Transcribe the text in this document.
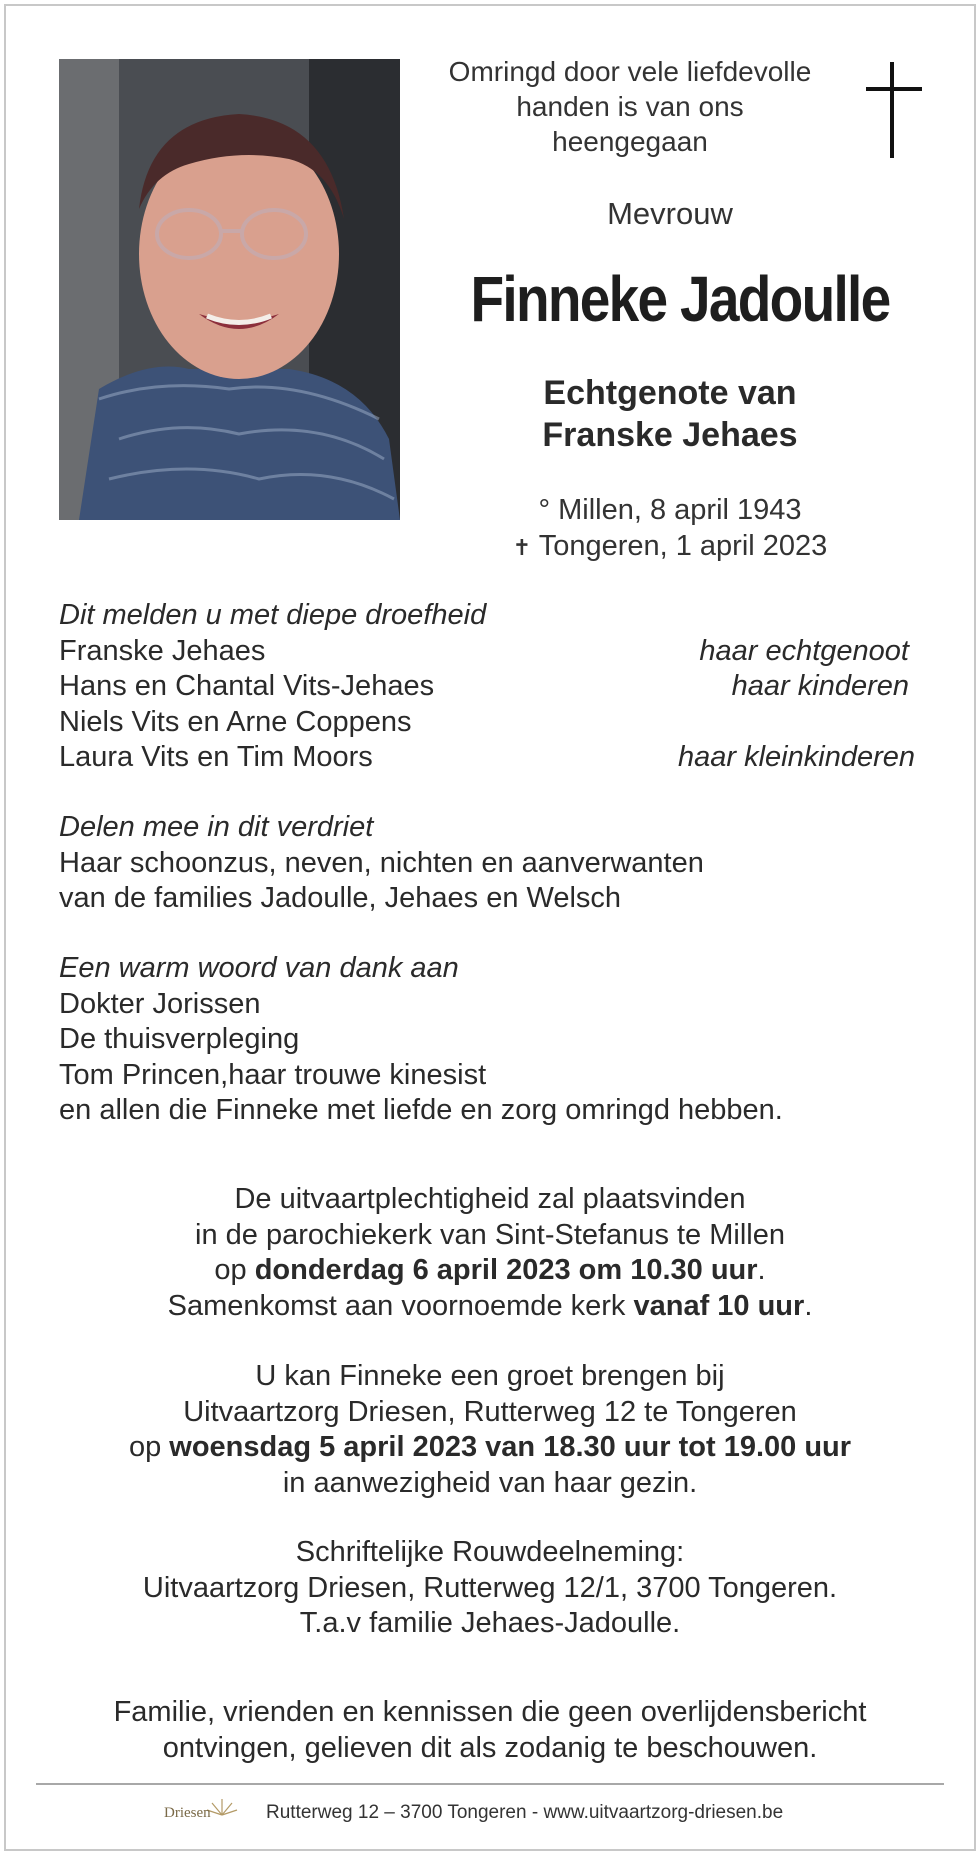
Omringd door vele liefdevolle
handen is van ons
heengegaan
Mevrouw
Finneke Jadoulle
Echtgenote van
Franske Jehaes
° Millen, 8 april 1943
✝ Tongeren, 1 april 2023
Dit melden u met diepe droefheid
Franske Jehaes	haar echtgenoot
Hans en Chantal Vits-Jehaes	haar kinderen
Niels Vits en Arne Coppens
Laura Vits en Tim Moors	haar kleinkinderen
Delen mee in dit verdriet
Haar schoonzus, neven, nichten en aanverwanten
van de families Jadoulle, Jehaes en Welsch
Een warm woord van dank aan
Dokter Jorissen
De thuisverpleging
Tom Princen,haar trouwe kinesist
en allen die Finneke met liefde en zorg omringd hebben.
De uitvaartplechtigheid zal plaatsvinden
in de parochiekerk van Sint-Stefanus te Millen
op donderdag 6 april 2023 om 10.30 uur.
Samenkomst aan voornoemde kerk vanaf 10 uur.
U kan Finneke een groet brengen bij
Uitvaartzorg Driesen, Rutterweg 12 te Tongeren
op woensdag 5 april 2023 van 18.30 uur tot 19.00 uur
in aanwezigheid van haar gezin.
Schriftelijke Rouwdeelneming:
Uitvaartzorg Driesen, Rutterweg 12/1, 3700 Tongeren.
T.a.v familie Jehaes-Jadoulle.
Familie, vrienden en kennissen die geen overlijdensbericht
ontvingen, gelieven dit als zodanig te beschouwen.
Driesen	Rutterweg 12 – 3700 Tongeren - www.uitvaartzorg-driesen.be
